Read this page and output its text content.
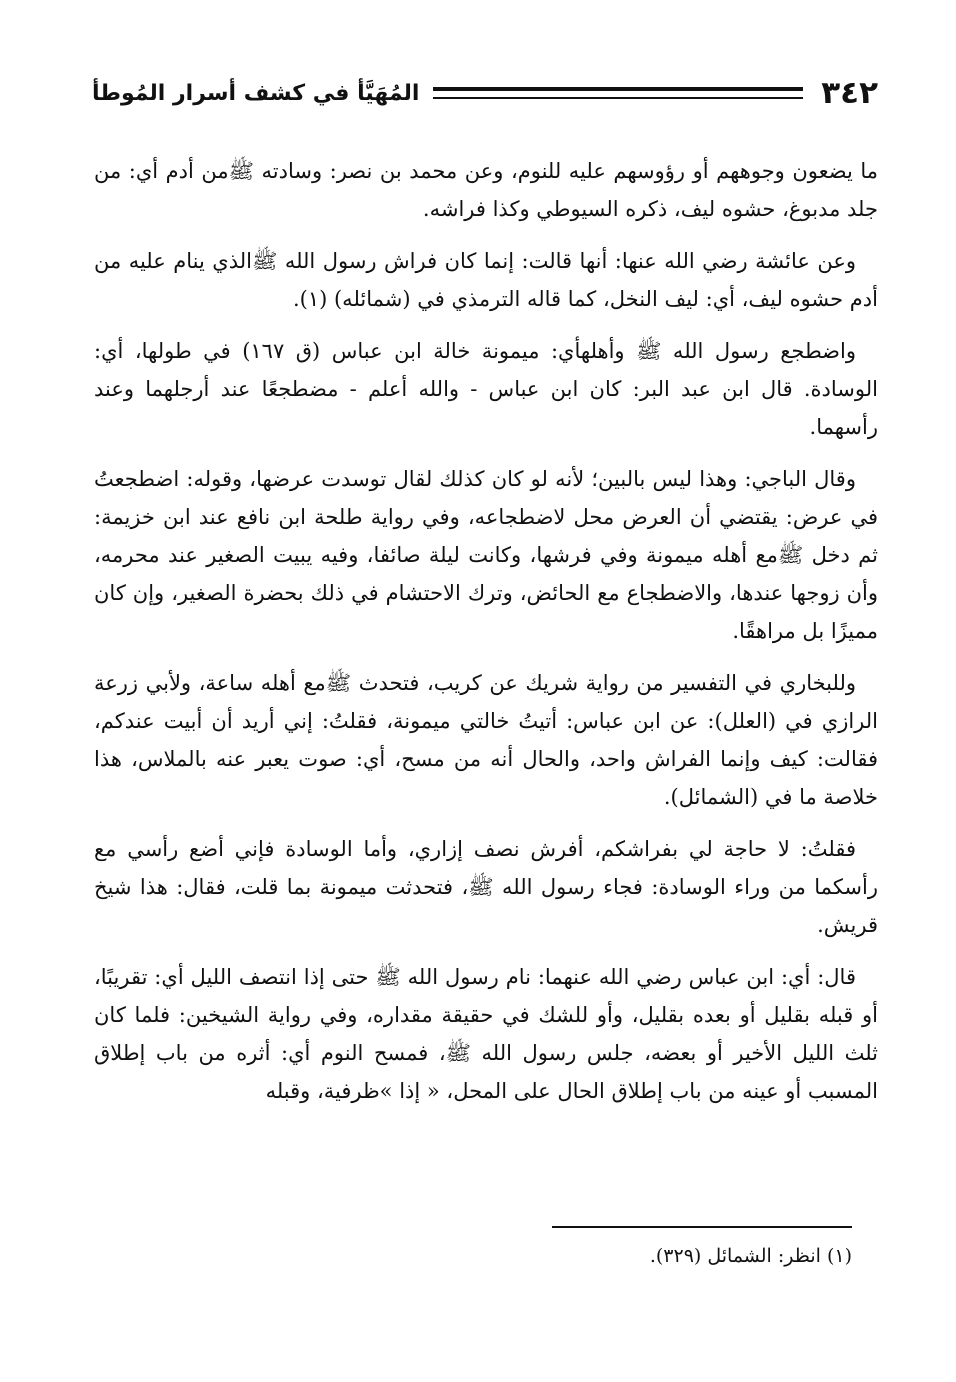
٣٤٢
المُهَيَّأ في كشف أسرار المُوطأ

ما يضعون وجوههم أو رؤوسهم عليه للنوم، وعن محمد بن نصر: وسادته ﷺمن أدم أي: من جلد مدبوغ، حشوه ليف، ذكره السيوطي وكذا فراشه.

وعن عائشة رضي الله عنها: أنها قالت: إنما كان فراش رسول الله ﷺالذي ينام عليه من أدم حشوه ليف، أي: ليف النخل، كما قاله الترمذي في (شمائله) (١).

واضطجع رسول الله ﷺ وأهلهأي: ميمونة خالة ابن عباس (ق ١٦٧) في طولها، أي: الوسادة. قال ابن عبد البر: كان ابن عباس - والله أعلم - مضطجعًا عند أرجلهما وعند رأسهما.

وقال الباجي: وهذا ليس بالبين؛ لأنه لو كان كذلك لقال توسدت عرضها، وقوله: اضطجعتُ في عرض: يقتضي أن العرض محل لاضطجاعه، وفي رواية طلحة ابن نافع عند ابن خزيمة: ثم دخل ﷺمع أهله ميمونة وفي فرشها، وكانت ليلة صائفا، وفيه يبيت الصغير عند محرمه، وأن زوجها عندها، والاضطجاع مع الحائض، وترك الاحتشام في ذلك بحضرة الصغير، وإن كان مميزًا بل مراهقًا.

وللبخاري في التفسير من رواية شريك عن كريب، فتحدث ﷺمع أهله ساعة، ولأبي زرعة الرازي في (العلل): عن ابن عباس: أتيتُ خالتي ميمونة، فقلتُ: إني أريد أن أبيت عندكم، فقالت: كيف وإنما الفراش واحد، والحال أنه من مسح، أي: صوت يعبر عنه بالملاس، هذا خلاصة ما في (الشمائل).

فقلتُ: لا حاجة لي بفراشكم، أفرش نصف إزاري، وأما الوسادة فإني أضع رأسي مع رأسكما من وراء الوسادة: فجاء رسول الله ﷺ، فتحدثت ميمونة بما قلت، فقال: هذا شيخ قريش.

قال: أي: ابن عباس رضي الله عنهما: نام رسول الله ﷺ حتى إذا انتصف الليل أي: تقريبًا، أو قبله بقليل أو بعده بقليل، وأو للشك في حقيقة مقداره، وفي رواية الشيخين: فلما كان ثلث الليل الأخير أو بعضه، جلس رسول الله ﷺ، فمسح النوم أي: أثره من باب إطلاق المسبب أو عينه من باب إطلاق الحال على المحل، « إذا »ظرفية، وقبله

(١) انظر: الشمائل (٣٢٩).
